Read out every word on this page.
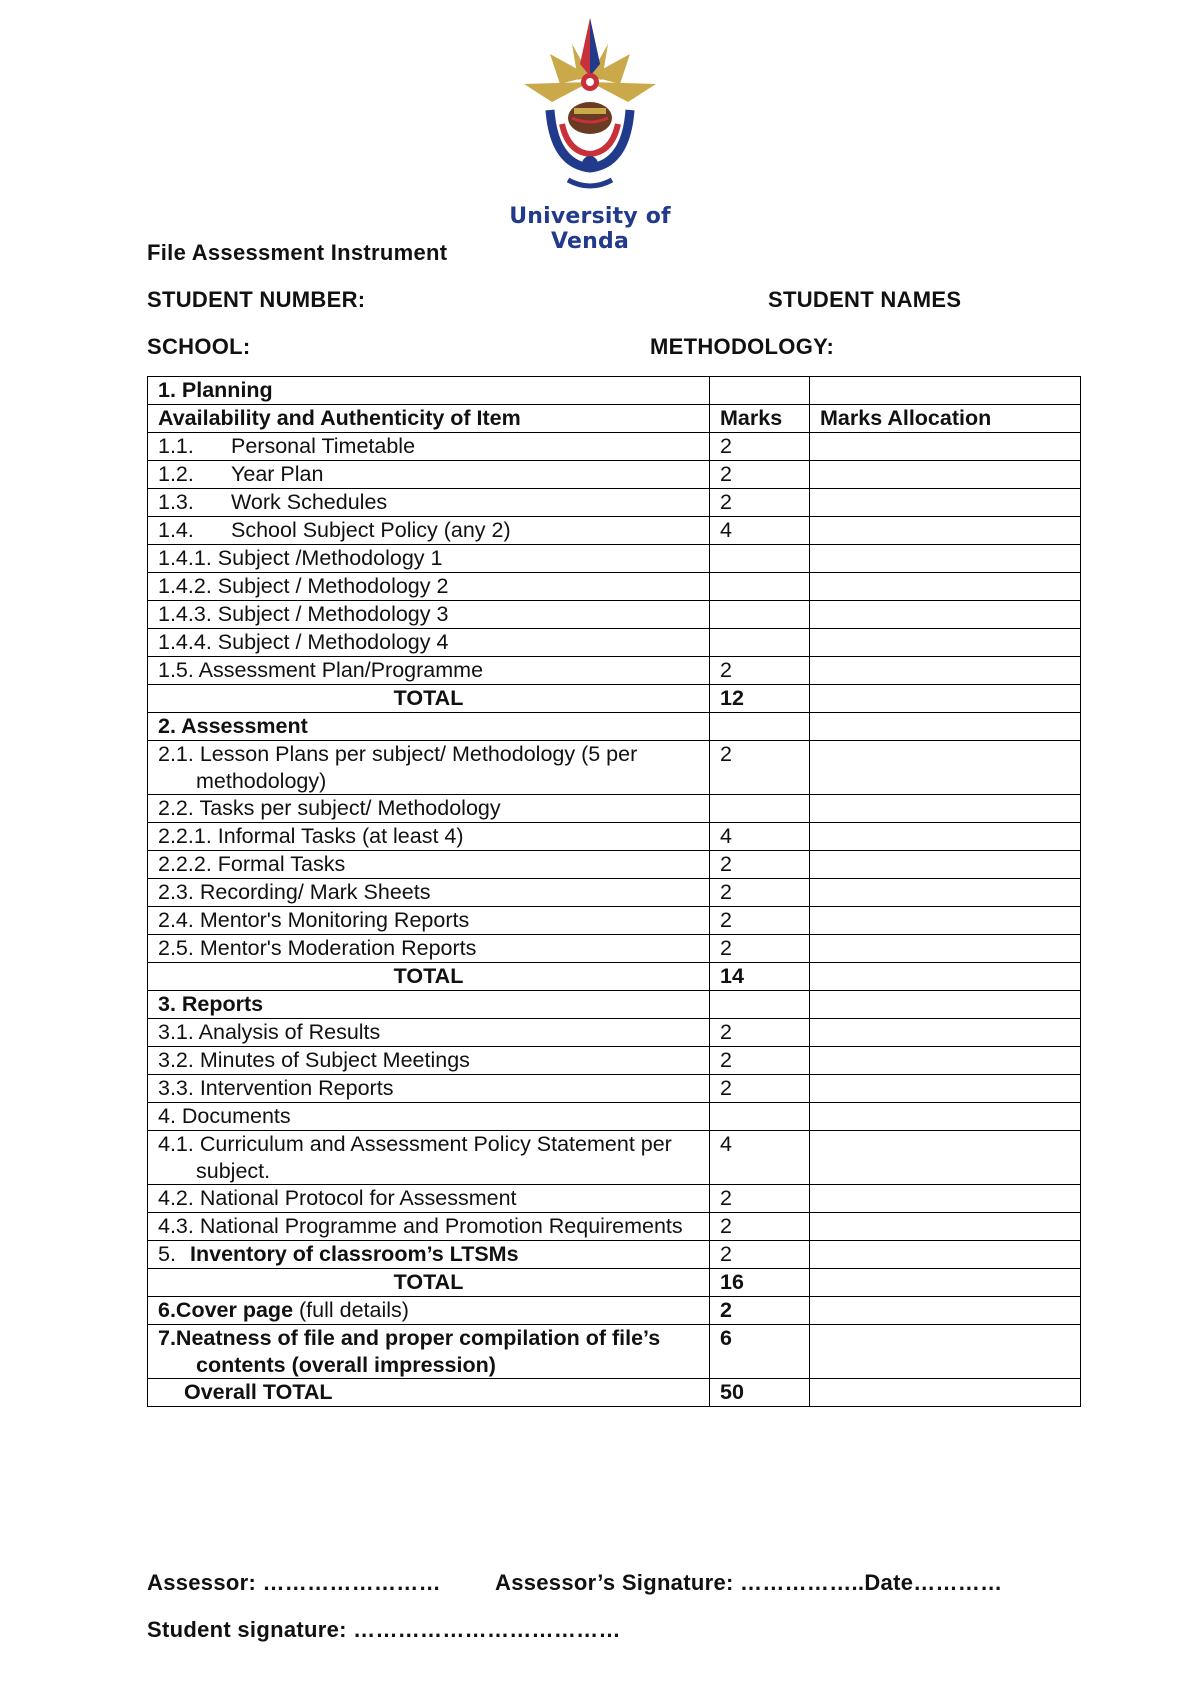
University of Venda
File Assessment Instrument
STUDENT NUMBER:	STUDENT NAMES
SCHOOL:	METHODOLOGY:
1. Planning		
Availability and Authenticity of Item	Marks	Marks Allocation
1.1. Personal Timetable	2	
1.2. Year Plan	2	
1.3. Work Schedules	2	
1.4. School Subject Policy (any 2)	4	
1.4.1. Subject /Methodology 1		
1.4.2. Subject / Methodology 2		
1.4.3. Subject / Methodology 3		
1.4.4. Subject / Methodology 4		
1.5. Assessment Plan/Programme	2	
TOTAL	12	
2. Assessment		

2.1. Lesson Plans per subject/ Methodology (5 per methodology)	2	
2.2. Tasks per subject/ Methodology		
2.2.1. Informal Tasks (at least 4)	4	
2.2.2. Formal Tasks	2	
2.3. Recording/ Mark Sheets	2	
2.4. Mentor's Monitoring Reports	2	
2.5. Mentor's Moderation Reports	2	
TOTAL	14	
3. Reports		
3.1. Analysis of Results	2	
3.2. Minutes of Subject Meetings	2	
3.3. Intervention Reports	2	
4. Documents		

4.1. Curriculum and Assessment Policy Statement per subject.	4	
4.2. National Protocol for Assessment	2	

4.3. National Programme and Promotion Requirements	2	
5. Inventory of classroom’s LTSMs	2	
TOTAL	16	
6.Cover page (full details)	2	

7.Neatness of file and proper compilation of file’s contents (overall impression)	6	
Overall TOTAL	50	
Assessor: …………………… Assessor’s Signature: ……………..Date…………
Student signature: ………………………………
